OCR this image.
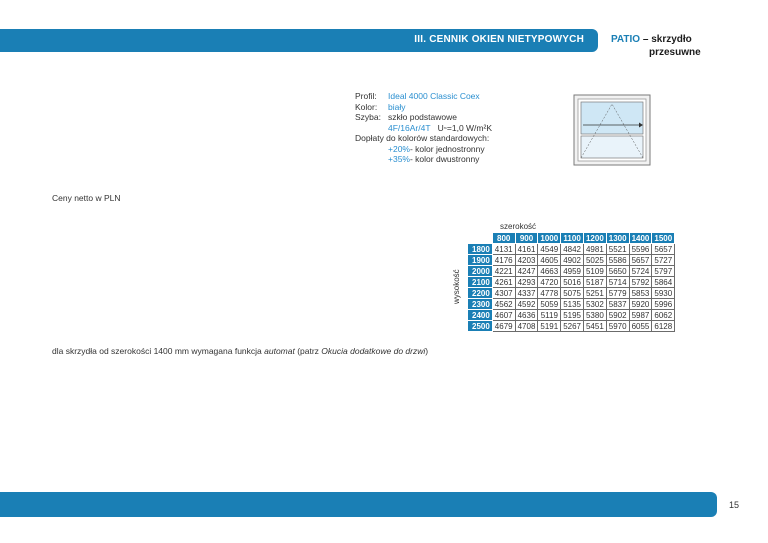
III. CENNIK OKIEN NIETYPOWYCH	PATIO – skrzydło
przesuwne
Profil:	Ideal 4000 Classic Coex
Kolor:	biały
Szyba: szkło podstawowe
4F/16Ar/4T
U ₘ =1,0 W/m²K
Dopłaty do kolorów standardowych:
+20% - kolor jednostronny
+35% - kolor dwustronny
Ceny netto w PLN
szerokość
wysokość
	800	900	1000	1100	1200	1300	1400	1500
1800	4131	4161	4549	4842	4981	5521	5596	5657
1900	4176	4203	4605	4902	5025	5586	5657	5727
2000	4221	4247	4663	4959	5109	5650	5724	5797
2100	4261	4293	4720	5016	5187	5714	5792	5864
2200	4307	4337	4778	5075	5251	5779	5853	5930
2300	4562	4592	5059	5135	5302	5837	5920	5996
2400	4607	4636	5119	5195	5380	5902	5987	6062
2500	4679	4708	5191	5267	5451	5970	6055	6128
dla skrzydła od szerokości 1400 mm wymagana funkcja automat (patrz Okucia dodatkowe do drzwi)
15
